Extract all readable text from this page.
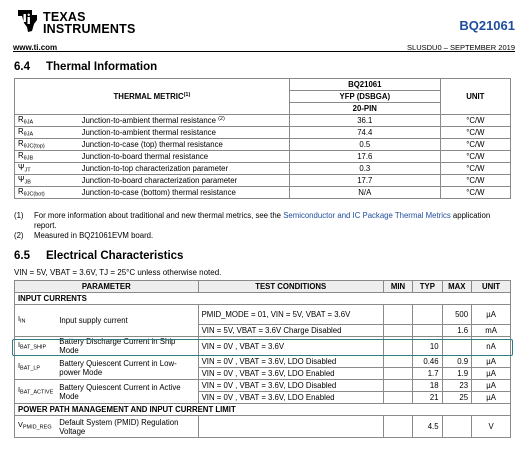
TEXAS
INSTRUMENTS
www.ti.com
BQ21061
SLUSDU0 – SEPTEMBER 2019
6.4 Thermal Information
THERMAL METRIC$^{(1)}$		BQ21061	UNIT
		YFP (DSBGA)	
		20-PIN	
$R_{\theta JA}$	Junction-to-ambient thermal resistance $^{(2)}$	36.1	°C/W
$R_{\theta JA}$	Junction-to-ambient thermal resistance	74.4	°C/W
$R_{\theta JC(top)}$	Junction-to-case (top) thermal resistance	0.5	°C/W
$R_{\theta JB}$	Junction-to-board thermal resistance	17.6	°C/W
$\Psi_{JT}$	Junction-to-top characterization parameter	0.3	°C/W
$\Psi_{JB}$	Junction-to-board characterization parameter	17.7	°C/W
$R_{\theta JC(bot)}$	Junction-to-case (bottom) thermal resistance	N/A	°C/W
(1)	For more information about traditional and new thermal metrics, see the Semiconductor and IC Package Thermal Metrics application report.
(2)	Measured in BQ21061EVM board.
6.5 Electrical Characteristics
VIN = 5V, VBAT = 3.6V, TJ = 25°C unless otherwise noted.
PARAMETER		TEST CONDITIONS	MIN	TYP	MAX	UNIT
INPUT CURRENTS						
$I_{IN}$	Input supply current	PMID_MODE = 01, VIN = 5V, VBAT = 3.6V			500	µA
		VIN = 5V, VBAT = 3.6V Charge Disabled			1.6	mA
$I_{BAT\_SHIP}$	Battery Discharge Current in Ship Mode	VIN = 0V , VBAT = 3.6V		10		nA
$I_{BAT\_LP}$	Battery Quiescent Current in Low-power Mode	VIN = 0V , VBAT = 3.6V, LDO Disabled		0.46	0.9	µA
		VIN = 0V , VBAT = 3.6V, LDO Enabled		1.7	1.9	µA
$I_{BAT\_ACTIVE}$	Battery Quiescent Current in Active Mode	VIN = 0V , VBAT = 3.6V, LDO Disabled		18	23	µA
		VIN = 0V , VBAT = 3.6V, LDO Enabled		21	25	µA
POWER PATH MANAGEMENT AND INPUT CURRENT LIMIT						
$V_{PMID\_REG}$	Default System (PMID) Regulation Voltage			4.5		V
